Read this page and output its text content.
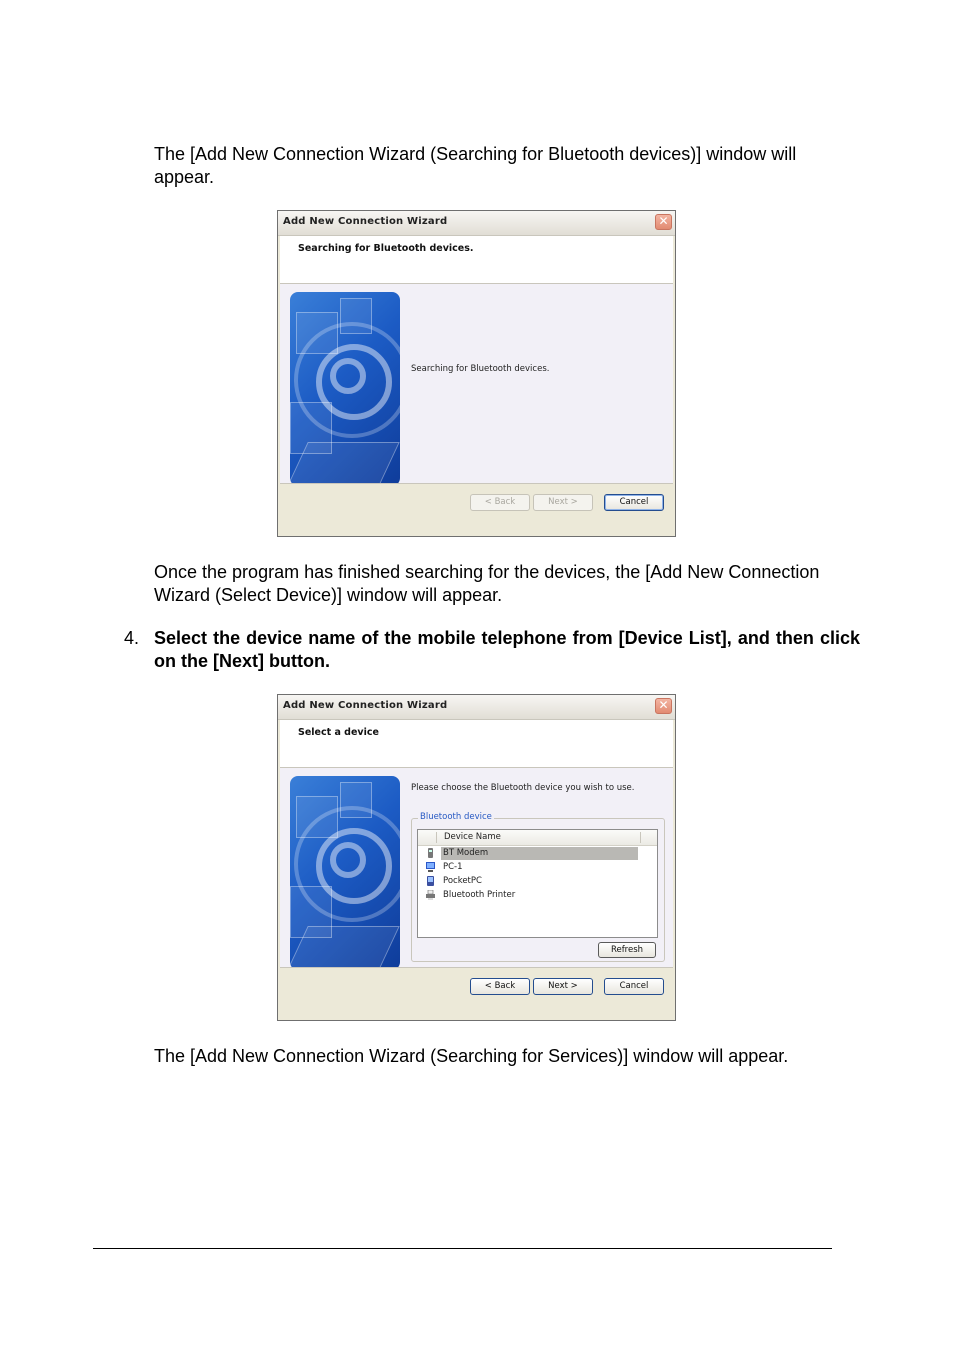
The [Add New Connection Wizard (Searching for Bluetooth devices)] window will appear.
Add New Connection Wizard	✕
Searching for Bluetooth devices.
Searching for Bluetooth devices.
< Back	Next >	Cancel
Once the program has finished searching for the devices, the [Add New Connection Wizard (Select Device)] window will appear.
4. Select the device name of the mobile telephone from [Device List], and then click on the [Next] button.
Add New Connection Wizard	✕
Select a device
Please choose the Bluetooth device you wish to use.
Bluetooth device
Device Name
BT Modem
PC-1
PocketPC
Bluetooth Printer
Refresh
< Back	Next >	Cancel
The [Add New Connection Wizard (Searching for Services)] window will appear.
